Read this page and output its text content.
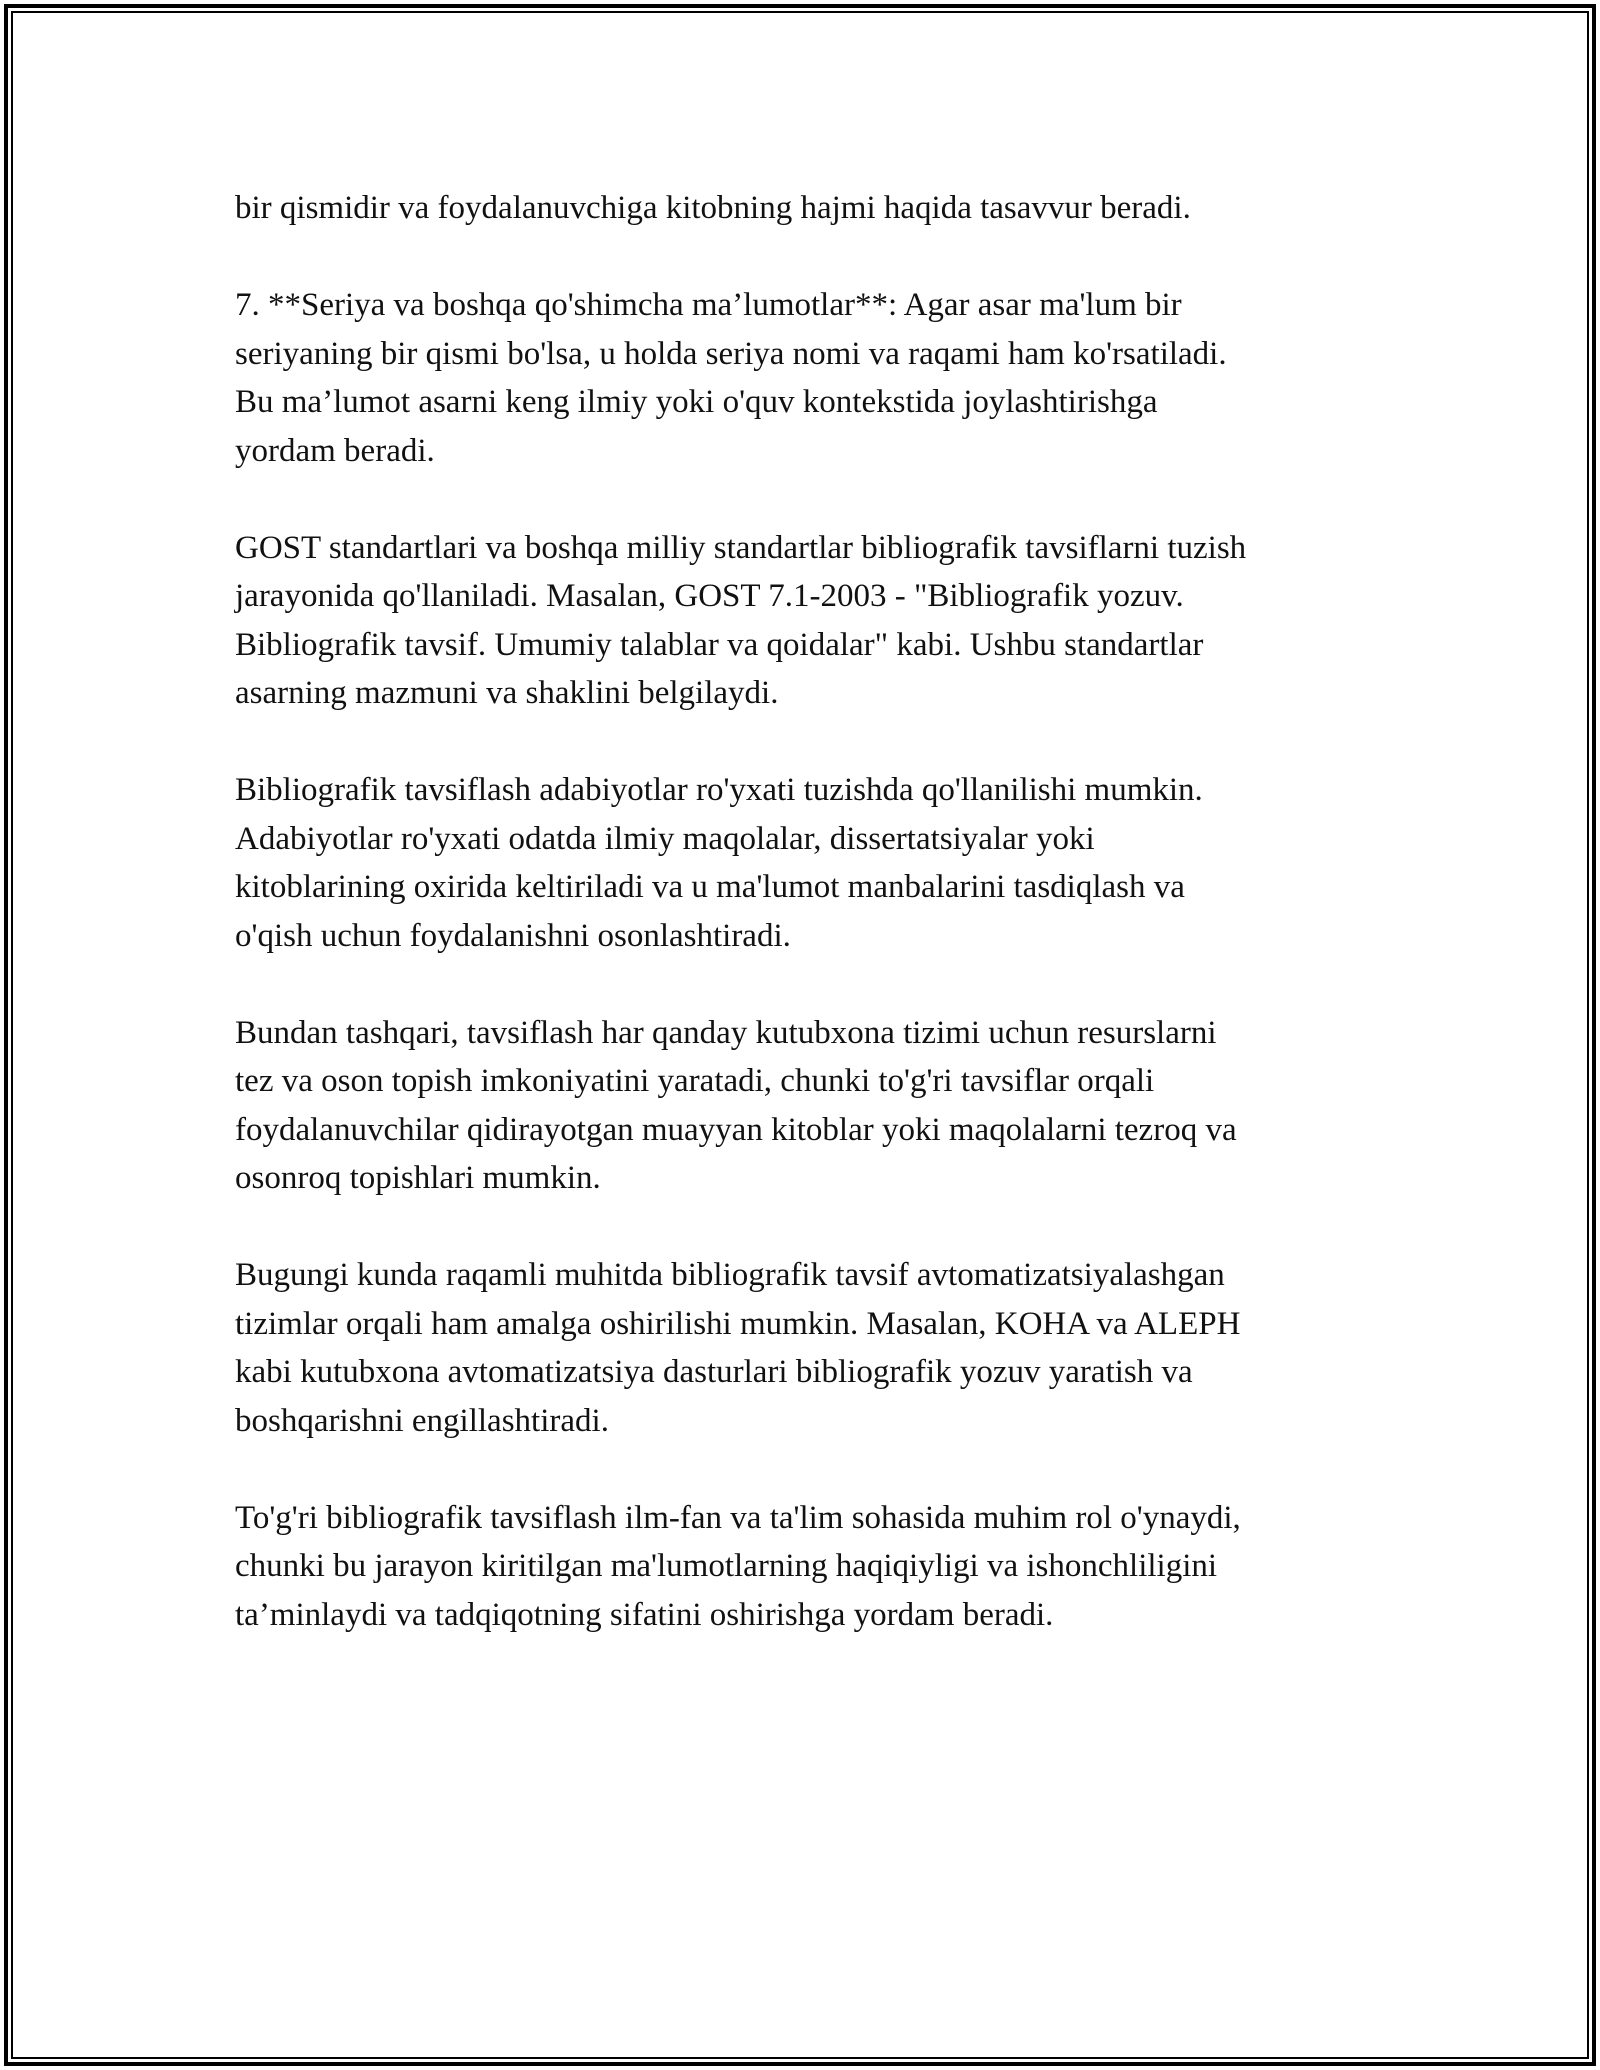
bir qismidir va foydalanuvchiga kitobning hajmi haqida tasavvur beradi.

7. **Seriya va boshqa qo'shimcha ma’lumotlar**: Agar asar ma'lum bir
seriyaning bir qismi bo'lsa, u holda seriya nomi va raqami ham ko'rsatiladi.
Bu ma’lumot asarni keng ilmiy yoki o'quv kontekstida joylashtirishga
yordam beradi.

GOST standartlari va boshqa milliy standartlar bibliografik tavsiflarni tuzish
jarayonida qo'llaniladi. Masalan, GOST 7.1-2003 - "Bibliografik yozuv.
Bibliografik tavsif. Umumiy talablar va qoidalar" kabi. Ushbu standartlar
asarning mazmuni va shaklini belgilaydi.

Bibliografik tavsiflash adabiyotlar ro'yxati tuzishda qo'llanilishi mumkin.
Adabiyotlar ro'yxati odatda ilmiy maqolalar, dissertatsiyalar yoki
kitoblarining oxirida keltiriladi va u ma'lumot manbalarini tasdiqlash va
o'qish uchun foydalanishni osonlashtiradi.

Bundan tashqari, tavsiflash har qanday kutubxona tizimi uchun resurslarni
tez va oson topish imkoniyatini yaratadi, chunki to'g'ri tavsiflar orqali
foydalanuvchilar qidirayotgan muayyan kitoblar yoki maqolalarni tezroq va
osonroq topishlari mumkin.

Bugungi kunda raqamli muhitda bibliografik tavsif avtomatizatsiyalashgan
tizimlar orqali ham amalga oshirilishi mumkin. Masalan, KOHA va ALEPH
kabi kutubxona avtomatizatsiya dasturlari bibliografik yozuv yaratish va
boshqarishni engillashtiradi.

To'g'ri bibliografik tavsiflash ilm-fan va ta'lim sohasida muhim rol o'ynaydi,
chunki bu jarayon kiritilgan ma'lumotlarning haqiqiyligi va ishonchliligini
ta’minlaydi va tadqiqotning sifatini oshirishga yordam beradi.
